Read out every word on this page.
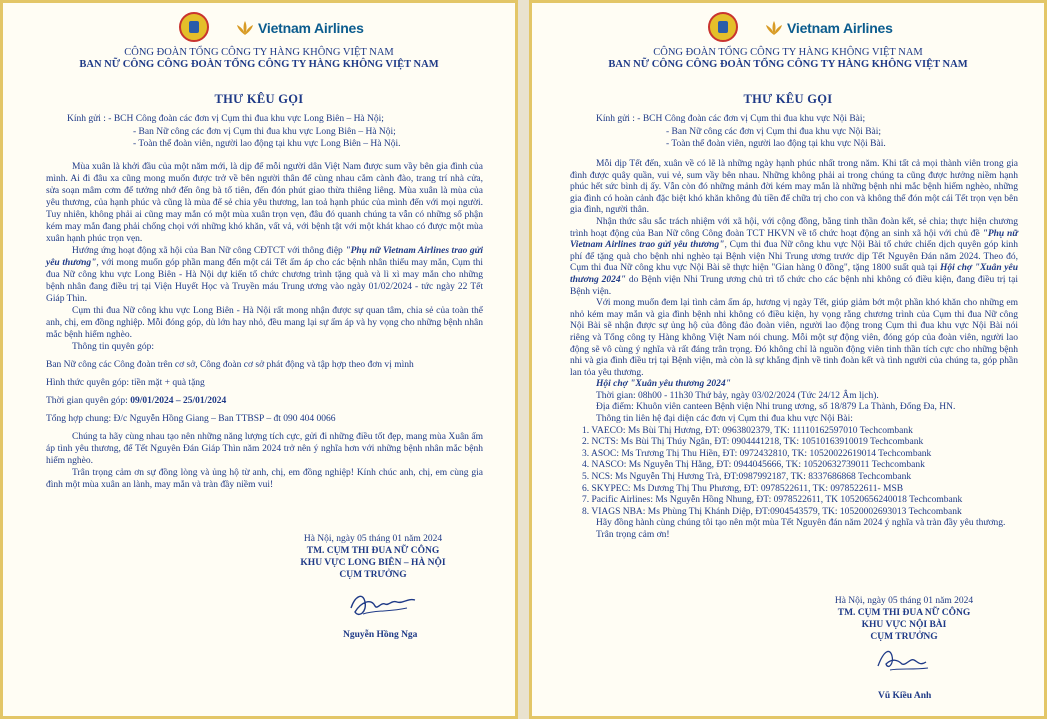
Vietnam Airlines
CÔNG ĐOÀN TỔNG CÔNG TY HÀNG KHÔNG VIỆT NAM
BAN NỮ CÔNG CÔNG ĐOÀN TỔNG CÔNG TY HÀNG KHÔNG VIỆT NAM
THƯ KÊU GỌI
Kính gửi : - BCH Công đoàn các đơn vị Cụm thi đua khu vực Long Biên – Hà Nội;
- Ban Nữ công các đơn vị Cụm thi đua khu vực Long Biên – Hà Nội;
- Toàn thể đoàn viên, người lao động tại khu vực Long Biên – Hà Nội.

Mùa xuân là khởi đầu của một năm mới, là dịp để mỗi người dân Việt Nam được sum vầy bên gia đình của mình. Ai đi đâu xa cũng mong muốn được trở về bên người thân để cùng nhau cắm cành đào, trang trí nhà cửa, sửa soạn mâm cơm để tưởng nhớ đến ông bà tổ tiên, đến đón phút giao thừa thiêng liêng. Mùa xuân là mùa của yêu thương, của hạnh phúc và cũng là mùa để sẻ chia yêu thương, lan toả hạnh phúc của mình đến với mọi người. Tuy nhiên, không phải ai cũng may mắn có một mùa xuân trọn vẹn, đâu đó quanh chúng ta vẫn có những số phận kém may mắn đang phải chống chọi với những khó khăn, vất vả, với bệnh tật với một khát khao có được một mùa xuân hạnh phúc trọn vẹn.

Hướng ứng hoạt động xã hội của Ban Nữ công CĐTCT với thông điệp "Phụ nữ Vietnam Airlines trao gửi yêu thương", với mong muốn góp phần mang đến một cái Tết ấm áp cho các bệnh nhân thiếu may mắn, Cụm thi đua Nữ công khu vực Long Biên - Hà Nội dự kiến tổ chức chương trình tặng quà và lì xì may mắn cho những bệnh nhân đang điều trị tại Viện Huyết Học và Truyền máu Trung ương vào ngày 01/02/2024 - tức ngày 22 Tết Giáp Thìn.

Cụm thi đua Nữ công khu vực Long Biên - Hà Nội rất mong nhận được sự quan tâm, chia sẻ của toàn thể anh, chị, em đồng nghiệp. Mỗi đóng góp, dù lớn hay nhỏ, đều mang lại sự ấm áp và hy vọng cho những bệnh nhân mắc bệnh hiểm nghèo.

Thông tin quyên góp:

Ban Nữ công các Công đoàn trên cơ sở, Công đoàn cơ sở phát động và tập hợp theo đơn vị mình

Hình thức quyên góp: tiền mặt + quà tặng

Thời gian quyên góp: 09/01/2024 – 25/01/2024

Tổng hợp chung: Đ/c Nguyễn Hồng Giang – Ban TTBSP – đt 090 404 0066

Chúng ta hãy cùng nhau tạo nên những năng lượng tích cực, gửi đi những điều tốt đẹp, mang mùa Xuân ấm áp tình yêu thương, để Tết Nguyên Đán Giáp Thìn năm 2024 trở nên ý nghĩa hơn với những bệnh nhân mắc bệnh hiểm nghèo.

Trân trọng cảm ơn sự đồng lòng và ủng hộ từ anh, chị, em đồng nghiệp! Kính chúc anh, chị, em cùng gia đình một mùa xuân an lành, may mắn và tràn đầy niềm vui!

Hà Nội, ngày 05 tháng 01 năm 2024
TM. CỤM THI ĐUA NỮ CÔNG
KHU VỰC LONG BIÊN – HÀ NỘI
CỤM TRƯỞNG
Nguyễn Hồng Nga
Vietnam Airlines
CÔNG ĐOÀN TỔNG CÔNG TY HÀNG KHÔNG VIỆT NAM
BAN NỮ CÔNG CÔNG ĐOÀN TỔNG CÔNG TY HÀNG KHÔNG VIỆT NAM
THƯ KÊU GỌI
Kính gửi : - BCH Công đoàn các đơn vị Cụm thi đua khu vực Nội Bài;
- Ban Nữ công các đơn vị Cụm thi đua khu vực Nội Bài;
- Toàn thể đoàn viên, người lao động tại khu vực Nội Bài.

Mỗi dịp Tết đến, xuân về có lẽ là những ngày hạnh phúc nhất trong năm. Khi tất cả mọi thành viên trong gia đình được quây quần, vui vẻ, sum vầy bên nhau. Những không phải ai trong chúng ta cũng được hưởng niềm hạnh phúc hết sức bình dị ấy. Vẫn còn đó những mảnh đời kém may mắn là những bệnh nhi mắc bệnh hiểm nghèo, những gia đình có hoàn cảnh đặc biệt khó khăn không đủ tiền để chữa trị cho con và không thể đón một cái Tết trọn vẹn bên gia đình, người thân.

Nhận thức sâu sắc trách nhiệm với xã hội, với cộng đồng, bằng tinh thần đoàn kết, sẻ chia; thực hiện chương trình hoạt động của Ban Nữ công Công đoàn TCT HKVN về tổ chức hoạt động an sinh xã hội với chủ đề "Phụ nữ Vietnam Airlines trao gửi yêu thương", Cụm thi đua Nữ công khu vực Nội Bài tổ chức chiến dịch quyên góp kinh phí để tặng quà cho bệnh nhi nghèo tại Bệnh viện Nhi Trung ương trước dịp Tết Nguyên Đán năm 2024. Theo đó, Cụm thi đua Nữ công khu vực Nội Bài sẽ thực hiện "Gian hàng 0 đồng", tặng 1800 suất quà tại Hội chợ "Xuân yêu thương 2024" do Bệnh viện Nhi Trung ương chủ trì tổ chức cho các bệnh nhi không có điều kiện, đang điều trị tại Bệnh viện.

Với mong muốn đem lại tình cảm ấm áp, hương vị ngày Tết, giúp giảm bớt một phần khó khăn cho những em nhỏ kém may mắn và gia đình bệnh nhi không có điều kiện, hy vọng rằng chương trình của Cụm thi đua Nữ công Nội Bài sẽ nhận được sự ủng hộ của đông đảo đoàn viên, người lao động trong Cụm thi đua khu vực Nội Bài nói riêng và Tổng công ty Hàng không Việt Nam nói chung. Mỗi một sự động viên, đóng góp của đoàn viên, người lao động sẽ vô cùng ý nghĩa và rất đáng trân trọng. Đó không chỉ là nguồn động viên tinh thần tích cực cho những bệnh nhi và gia đình điều trị tại Bệnh viện, mà còn là sự khẳng định về tinh đoàn kết và tình người của chúng ta, góp phần lan tỏa yêu thương.

Hội chợ "Xuân yêu thương 2024"

Thời gian: 08h00 - 11h30 Thứ bảy, ngày 03/02/2024 (Tức 24/12 Âm lịch).

Địa điểm: Khuôn viên canteen Bệnh viện Nhi trung ương, số 18/879 La Thành, Đống Đa, HN.

Thông tin liên hệ đại diện các đơn vị Cụm thi đua khu vực Nội Bài:

1. VAECO: Ms Bùi Thị Hương, ĐT: 0963802379, TK: 11110162597010 Techcombank

2. NCTS: Ms Bùi Thị Thúy Ngân, ĐT: 0904441218, TK: 10510163910019 Techcombank

3. ASOC: Ms Trương Thị Thu Hiền, ĐT: 0972432810, TK: 10520022619014 Techcombank

4. NASCO: Ms Nguyễn Thị Hằng, ĐT: 0944045666, TK: 10520632739011 Techcombank

5. NCS: Ms Nguyễn Thị Hương Trà, ĐT:0987992187, TK: 8337686868 Techcombank

6. SKYPEC: Ms Dương Thị Thu Phương, ĐT: 0978522611, TK: 0978522611- MSB

7. Pacific Airlines: Ms Nguyễn Hồng Nhung, ĐT: 0978522611, TK 10520656240018 Techcombank

8. VIAGS NBA: Ms Phùng Thị Khánh Diệp, ĐT:0904543579, TK: 10520002693013 Techcombank

Hãy đồng hành cùng chúng tôi tạo nên một mùa Tết Nguyên đán năm 2024 ý nghĩa và tràn đầy yêu thương.

Trân trọng cảm ơn!

Hà Nội, ngày 05 tháng 01 năm 2024
TM. CỤM THI ĐUA NỮ CÔNG
KHU VỰC NỘI BÀI
CỤM TRƯỞNG
Vũ Kiều Anh
